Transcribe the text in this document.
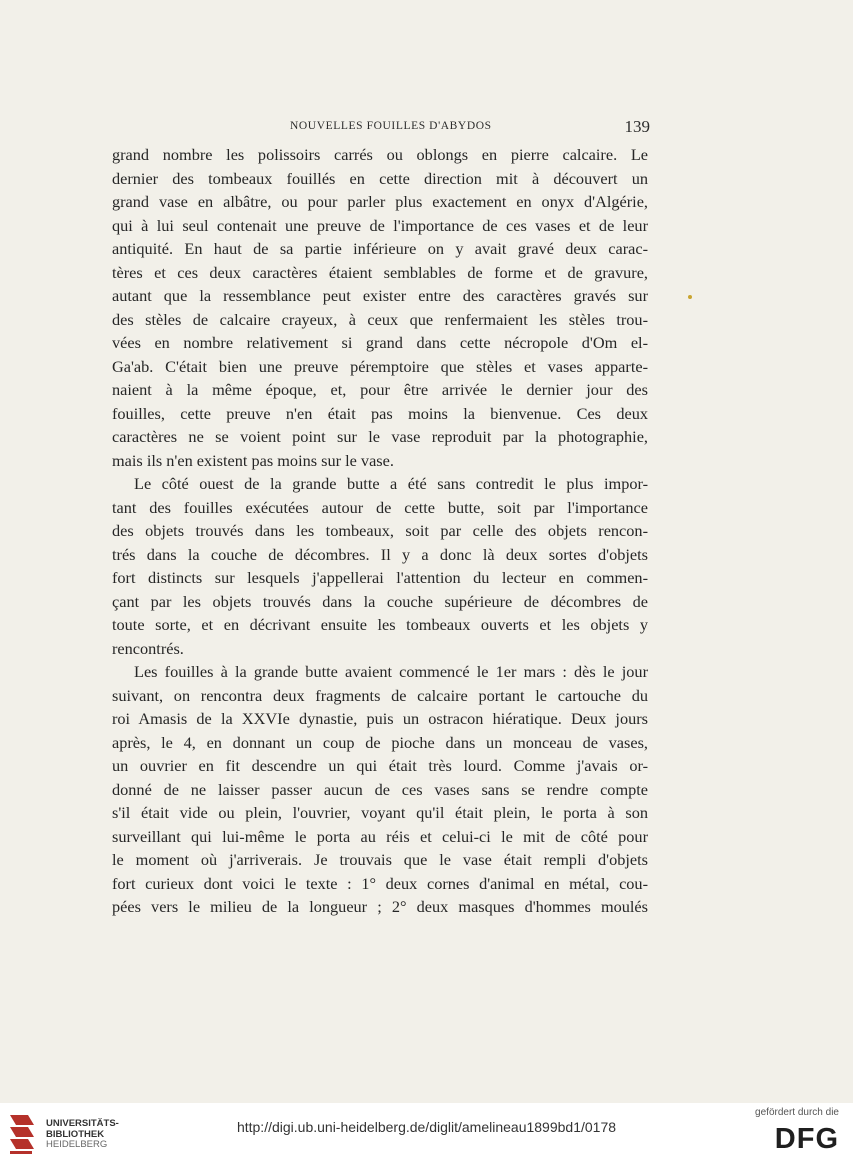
NOUVELLES FOUILLES D'ABYDOS	139
grand nombre les polissoirs carrés ou oblongs en pierre calcaire. Le
dernier des tombeaux fouillés en cette direction mit à découvert un
grand vase en albâtre, ou pour parler plus exactement en onyx d'Algérie,
qui à lui seul contenait une preuve de l'importance de ces vases et de leur
antiquité. En haut de sa partie inférieure on y avait gravé deux carac-
tères et ces deux caractères étaient semblables de forme et de gravure,
autant que la ressemblance peut exister entre des caractères gravés sur
des stèles de calcaire crayeux, à ceux que renfermaient les stèles trou-
vées en nombre relativement si grand dans cette nécropole d'Om el-
Ga'ab. C'était bien une preuve péremptoire que stèles et vases apparte-
naient à la même époque, et, pour être arrivée le dernier jour des
fouilles, cette preuve n'en était pas moins la bienvenue. Ces deux
caractères ne se voient point sur le vase reproduit par la photographie,
mais ils n'en existent pas moins sur le vase.
Le côté ouest de la grande butte a été sans contredit le plus impor-
tant des fouilles exécutées autour de cette butte, soit par l'importance
des objets trouvés dans les tombeaux, soit par celle des objets rencon-
trés dans la couche de décombres. Il y a donc là deux sortes d'objets
fort distincts sur lesquels j'appellerai l'attention du lecteur en commen-
çant par les objets trouvés dans la couche supérieure de décombres de
toute sorte, et en décrivant ensuite les tombeaux ouverts et les objets y
rencontrés.
Les fouilles à la grande butte avaient commencé le 1er mars : dès le jour
suivant, on rencontra deux fragments de calcaire portant le cartouche du
roi Amasis de la XXVIe dynastie, puis un ostracon hiératique. Deux jours
après, le 4, en donnant un coup de pioche dans un monceau de vases,
un ouvrier en fit descendre un qui était très lourd. Comme j'avais or-
donné de ne laisser passer aucun de ces vases sans se rendre compte
s'il était vide ou plein, l'ouvrier, voyant qu'il était plein, le porta à son
surveillant qui lui-même le porta au réis et celui-ci le mit de côté pour
le moment où j'arriverais. Je trouvais que le vase était rempli d'objets
fort curieux dont voici le texte : 1° deux cornes d'animal en métal, cou-
pées vers le milieu de la longueur ; 2° deux masques d'hommes moulés
UNIVERSITÄTS-
BIBLIOTHEK
HEIDELBERG
http://digi.ub.uni-heidelberg.de/diglit/amelineau1899bd1/0178
gefördert durch die
DFG
